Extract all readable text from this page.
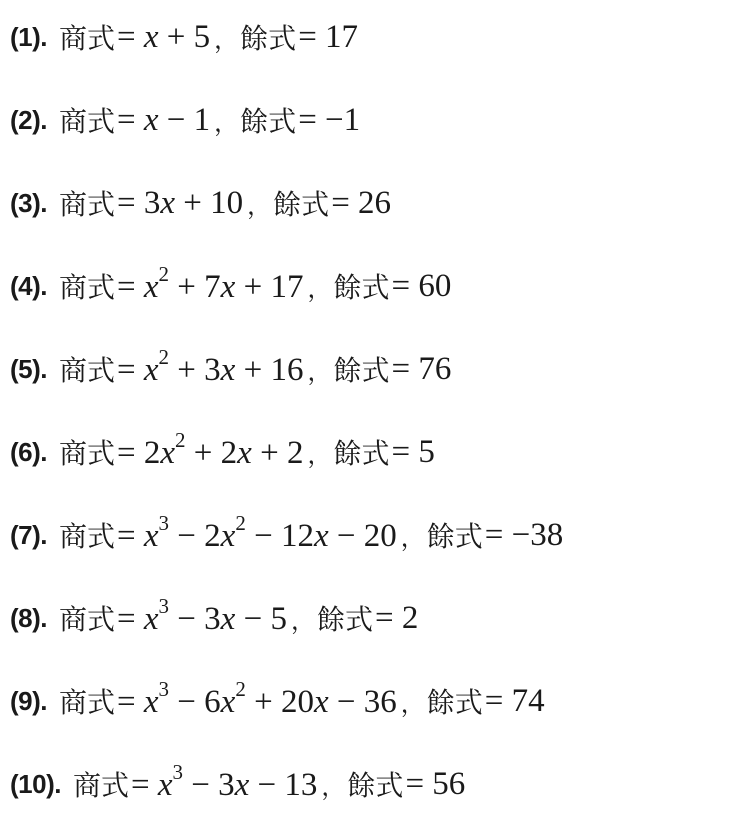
(1). 商式 = x + 5 ， 餘式 = 17
(2). 商式 = x − 1 ， 餘式 = −1
(3). 商式 = 3x + 10 ， 餘式 = 26
(4). 商式 = $x^2 + 7x + 17$ ， 餘式 = 60
(5). 商式 = $x^2 + 3x + 16$ ， 餘式 = 76
(6). 商式 = $2x^2 + 2x + 2$ ， 餘式 = 5
(7). 商式 = $x^3 - 2x^2 - 12x - 20$ ， 餘式 = −38
(8). 商式 = $x^3 - 3x - 5$ ， 餘式 = 2
(9). 商式 = $x^3 - 6x^2 + 20x - 36$ ， 餘式 = 74
(10). 商式 = $x^3 - 3x - 13$ ， 餘式 = 56
